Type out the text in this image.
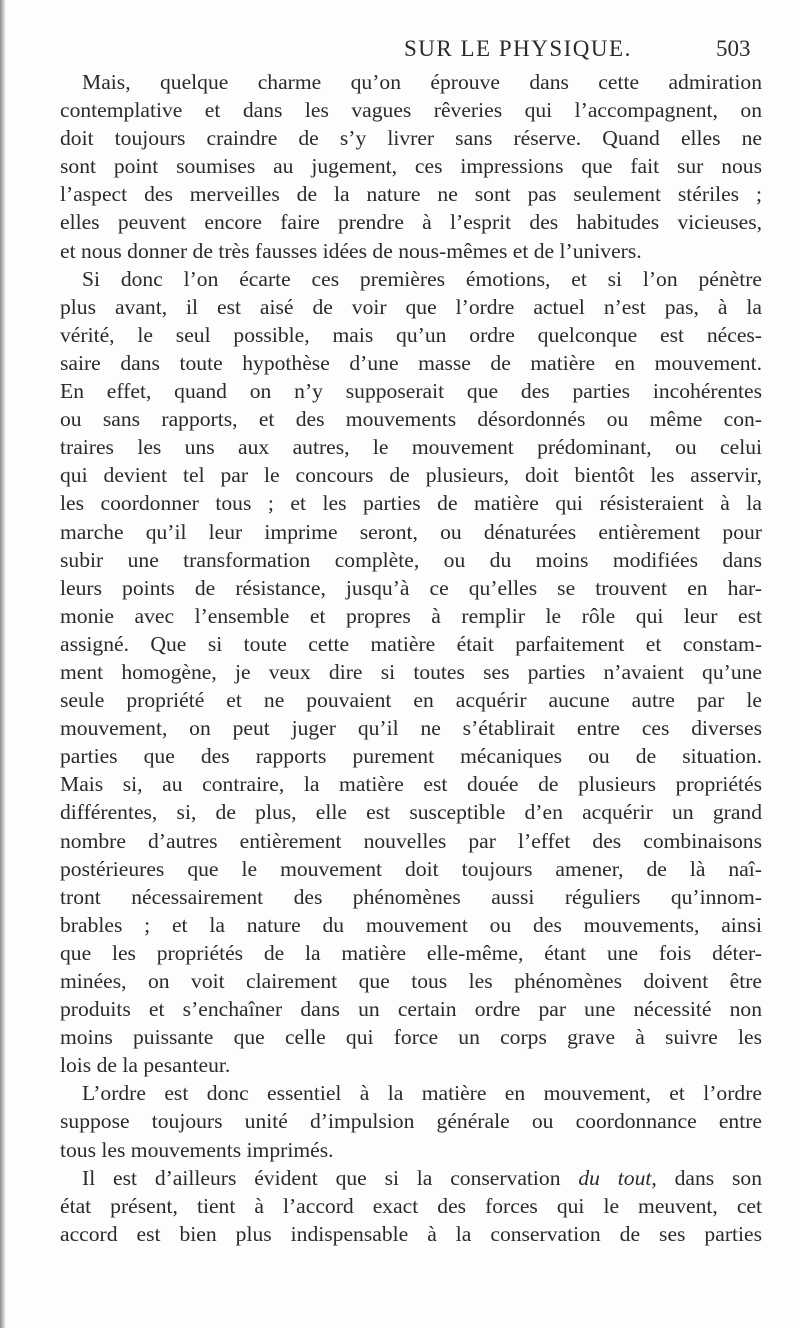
SUR LE PHYSIQUE.	503
Mais, quelque charme qu’on éprouve dans cette admiration
contemplative et dans les vagues rêveries qui l’accompagnent, on
doit toujours craindre de s’y livrer sans réserve. Quand elles ne
sont point soumises au jugement, ces impressions que fait sur nous
l’aspect des merveilles de la nature ne sont pas seulement stériles ;
elles peuvent encore faire prendre à l’esprit des habitudes vicieuses,
et nous donner de très fausses idées de nous-mêmes et de l’univers.
Si donc l’on écarte ces premières émotions, et si l’on pénètre
plus avant, il est aisé de voir que l’ordre actuel n’est pas, à la
vérité, le seul possible, mais qu’un ordre quelconque est néces-
saire dans toute hypothèse d’une masse de matière en mouvement.
En effet, quand on n’y supposerait que des parties incohérentes
ou sans rapports, et des mouvements désordonnés ou même con-
traires les uns aux autres, le mouvement prédominant, ou celui
qui devient tel par le concours de plusieurs, doit bientôt les asservir,
les coordonner tous ; et les parties de matière qui résisteraient à la
marche qu’il leur imprime seront, ou dénaturées entièrement pour
subir une transformation complète, ou du moins modifiées dans
leurs points de résistance, jusqu’à ce qu’elles se trouvent en har-
monie avec l’ensemble et propres à remplir le rôle qui leur est
assigné. Que si toute cette matière était parfaitement et constam-
ment homogène, je veux dire si toutes ses parties n’avaient qu’une
seule propriété et ne pouvaient en acquérir aucune autre par le
mouvement, on peut juger qu’il ne s’établirait entre ces diverses
parties que des rapports purement mécaniques ou de situation.
Mais si, au contraire, la matière est douée de plusieurs propriétés
différentes, si, de plus, elle est susceptible d’en acquérir un grand
nombre d’autres entièrement nouvelles par l’effet des combinaisons
postérieures que le mouvement doit toujours amener, de là naî-
tront nécessairement des phénomènes aussi réguliers qu’innom-
brables ; et la nature du mouvement ou des mouvements, ainsi
que les propriétés de la matière elle-même, étant une fois déter-
minées, on voit clairement que tous les phénomènes doivent être
produits et s’enchaîner dans un certain ordre par une nécessité non
moins puissante que celle qui force un corps grave à suivre les
lois de la pesanteur.
L’ordre est donc essentiel à la matière en mouvement, et l’ordre
suppose toujours unité d’impulsion générale ou coordonnance entre
tous les mouvements imprimés.
Il est d’ailleurs évident que si la conservation du tout, dans son
état présent, tient à l’accord exact des forces qui le meuvent, cet
accord est bien plus indispensable à la conservation de ses parties
